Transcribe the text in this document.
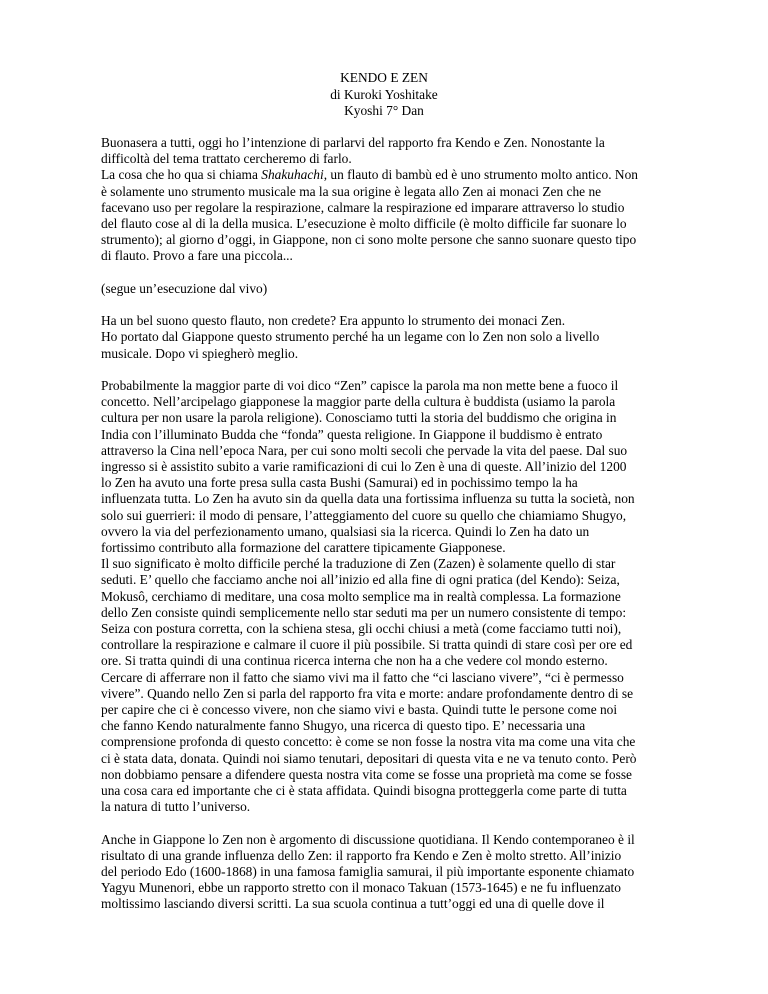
KENDO E ZEN
di Kuroki Yoshitake
Kyoshi 7° Dan

Buonasera a tutti, oggi ho l’intenzione di parlarvi del rapporto fra Kendo e Zen. Nonostante la
difficoltà del tema trattato cercheremo di farlo.

La cosa che ho qua si chiama Shakuhachi, un flauto di bambù ed è uno strumento molto antico. Non
è solamente uno strumento musicale ma la sua origine è legata allo Zen ai monaci Zen che ne
facevano uso per regolare la respirazione, calmare la respirazione ed imparare attraverso lo studio
del flauto cose al di la della musica. L’esecuzione è molto difficile (è molto difficile far suonare lo
strumento); al giorno d’oggi, in Giappone, non ci sono molte persone che sanno suonare questo tipo
di flauto. Provo a fare una piccola...

(segue un’esecuzione dal vivo)

Ha un bel suono questo flauto, non credete? Era appunto lo strumento dei monaci Zen.
Ho portato dal Giappone questo strumento perché ha un legame con lo Zen non solo a livello
musicale. Dopo vi spiegherò meglio.

Probabilmente la maggior parte di voi dico “Zen” capisce la parola ma non mette bene a fuoco il
concetto. Nell’arcipelago giapponese la maggior parte della cultura è buddista (usiamo la parola
cultura per non usare la parola religione). Conosciamo tutti la storia del buddismo che origina in
India con l’illuminato Budda che “fonda” questa religione. In Giappone il buddismo è entrato
attraverso la Cina nell’epoca Nara, per cui sono molti secoli che pervade la vita del paese. Dal suo
ingresso si è assistito subito a varie ramificazioni di cui lo Zen è una di queste. All’inizio del 1200
lo Zen ha avuto una forte presa sulla casta Bushi (Samurai) ed in pochissimo tempo la ha
influenzata tutta. Lo Zen ha avuto sin da quella data una fortissima influenza su tutta la società, non
solo sui guerrieri: il modo di pensare, l’atteggiamento del cuore su quello che chiamiamo Shugyo,
ovvero la via del perfezionamento umano, qualsiasi sia la ricerca. Quindi lo Zen ha dato un
fortissimo contributo alla formazione del carattere tipicamente Giapponese.
Il suo significato è molto difficile perché la traduzione di Zen (Zazen) è solamente quello di star
seduti. E’ quello che facciamo anche noi all’inizio ed alla fine di ogni pratica (del Kendo): Seiza,
Mokusô, cerchiamo di meditare, una cosa molto semplice ma in realtà complessa. La formazione
dello Zen consiste quindi semplicemente nello star seduti ma per un numero consistente di tempo:
Seiza con postura corretta, con la schiena stesa, gli occhi chiusi a metà (come facciamo tutti noi),
controllare la respirazione e calmare il cuore il più possibile. Si tratta quindi di stare così per ore ed
ore. Si tratta quindi di una continua ricerca interna che non ha a che vedere col mondo esterno.
Cercare di afferrare non il fatto che siamo vivi ma il fatto che “ci lasciano vivere”, “ci è permesso
vivere”. Quando nello Zen si parla del rapporto fra vita e morte: andare profondamente dentro di se
per capire che ci è concesso vivere, non che siamo vivi e basta. Quindi tutte le persone come noi
che fanno Kendo naturalmente fanno Shugyo, una ricerca di questo tipo. E’ necessaria una
comprensione profonda di questo concetto: è come se non fosse la nostra vita ma come una vita che
ci è stata data, donata. Quindi noi siamo tenutari, depositari di questa vita e ne va tenuto conto. Però
non dobbiamo pensare a difendere questa nostra vita come se fosse una proprietà ma come se fosse
una cosa cara ed importante che ci è stata affidata. Quindi bisogna protteggerla come parte di tutta
la natura di tutto l’universo.

Anche in Giappone lo Zen non è argomento di discussione quotidiana. Il Kendo contemporaneo è il
risultato di una grande influenza dello Zen: il rapporto fra Kendo e Zen è molto stretto. All’inizio
del periodo Edo (1600-1868) in una famosa famiglia samurai, il più importante esponente chiamato
Yagyu Munenori, ebbe un rapporto stretto con il monaco Takuan (1573-1645) e ne fu influenzato
moltissimo lasciando diversi scritti. La sua scuola continua a tutt’oggi ed una di quelle dove il
